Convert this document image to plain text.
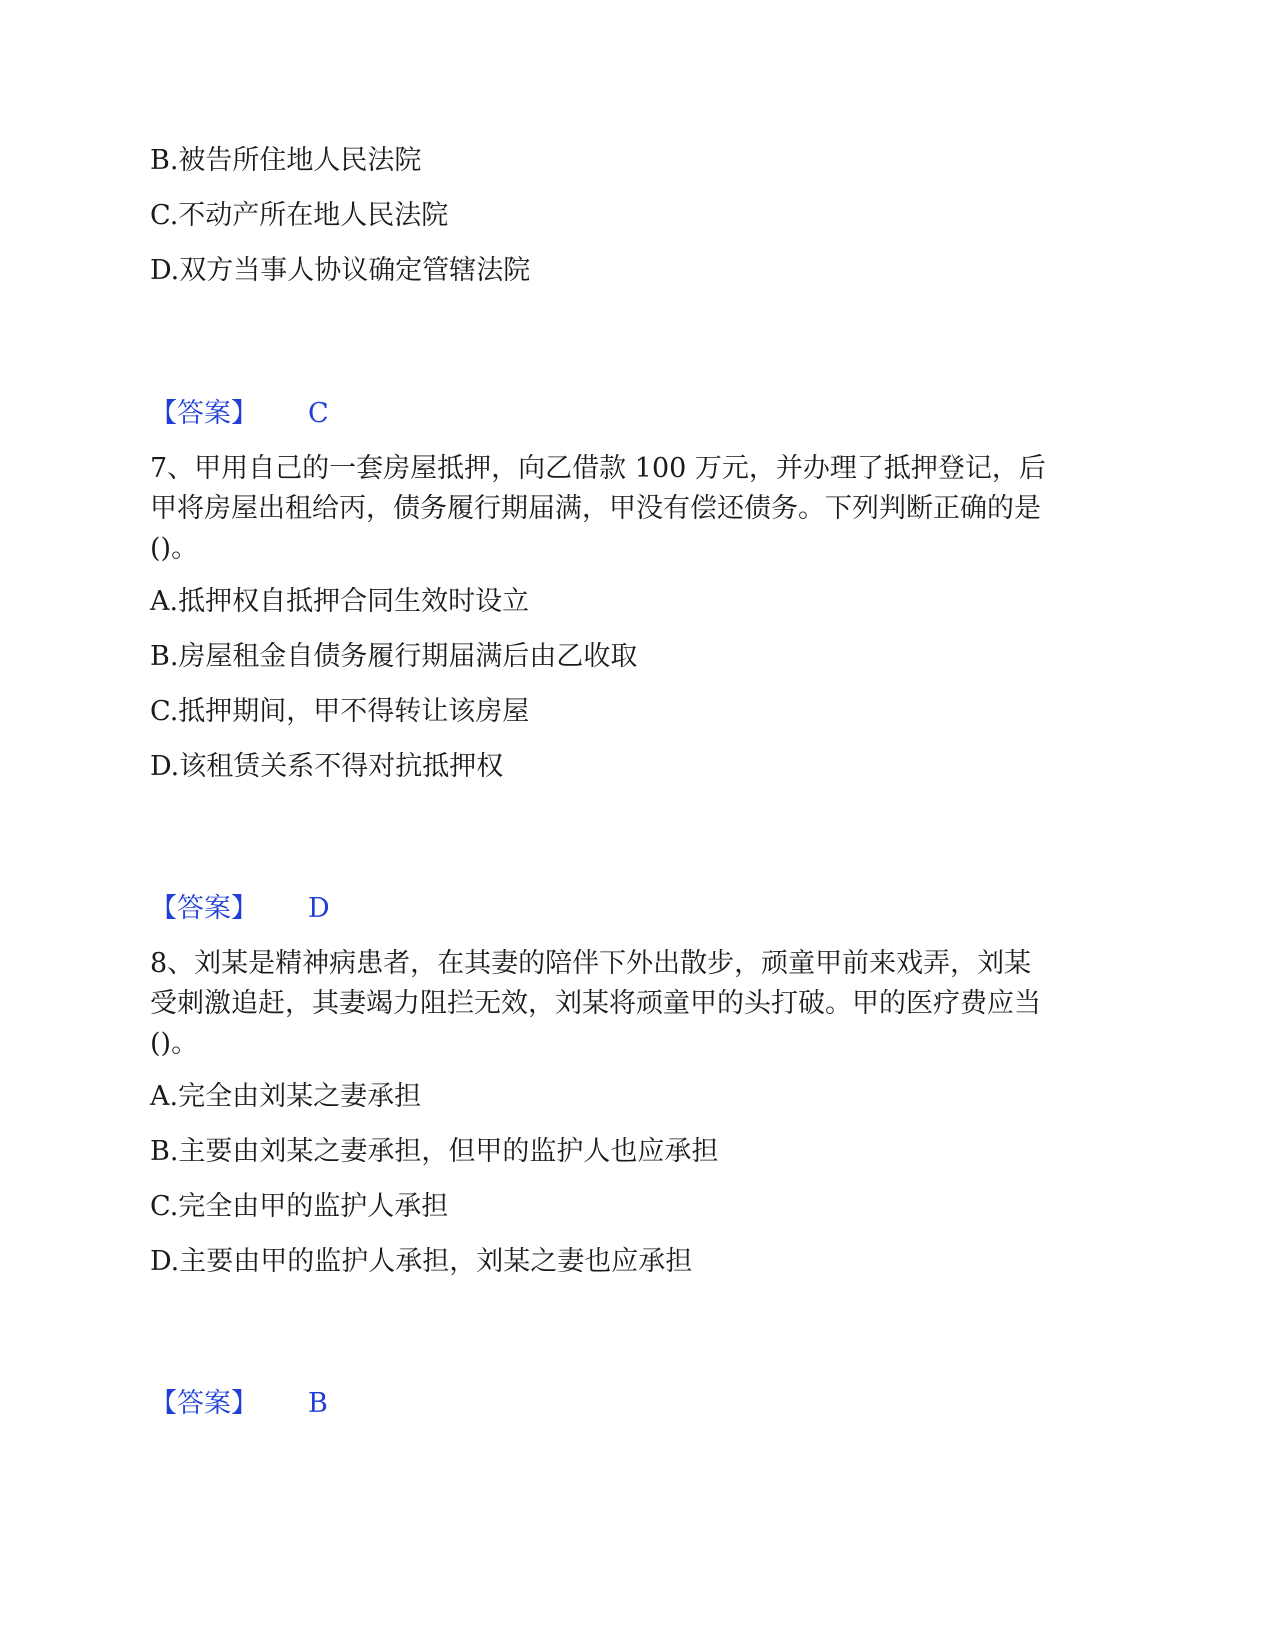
B.被告所住地人民法院
C.不动产所在地人民法院
D.双方当事人协议确定管辖法院
【答案】 C
7、甲用自己的一套房屋抵押，向乙借款 100 万元，并办理了抵押登记，后
甲将房屋出租给丙，债务履行期届满，甲没有偿还债务。下列判断正确的是
()。
A.抵押权自抵押合同生效时设立
B.房屋租金自债务履行期届满后由乙收取
C.抵押期间，甲不得转让该房屋
D.该租赁关系不得对抗抵押权
【答案】 D
8、刘某是精神病患者，在其妻的陪伴下外出散步，顽童甲前来戏弄，刘某
受刺激追赶，其妻竭力阻拦无效，刘某将顽童甲的头打破。甲的医疗费应当
()。
A.完全由刘某之妻承担
B.主要由刘某之妻承担，但甲的监护人也应承担
C.完全由甲的监护人承担
D.主要由甲的监护人承担，刘某之妻也应承担
【答案】 B
